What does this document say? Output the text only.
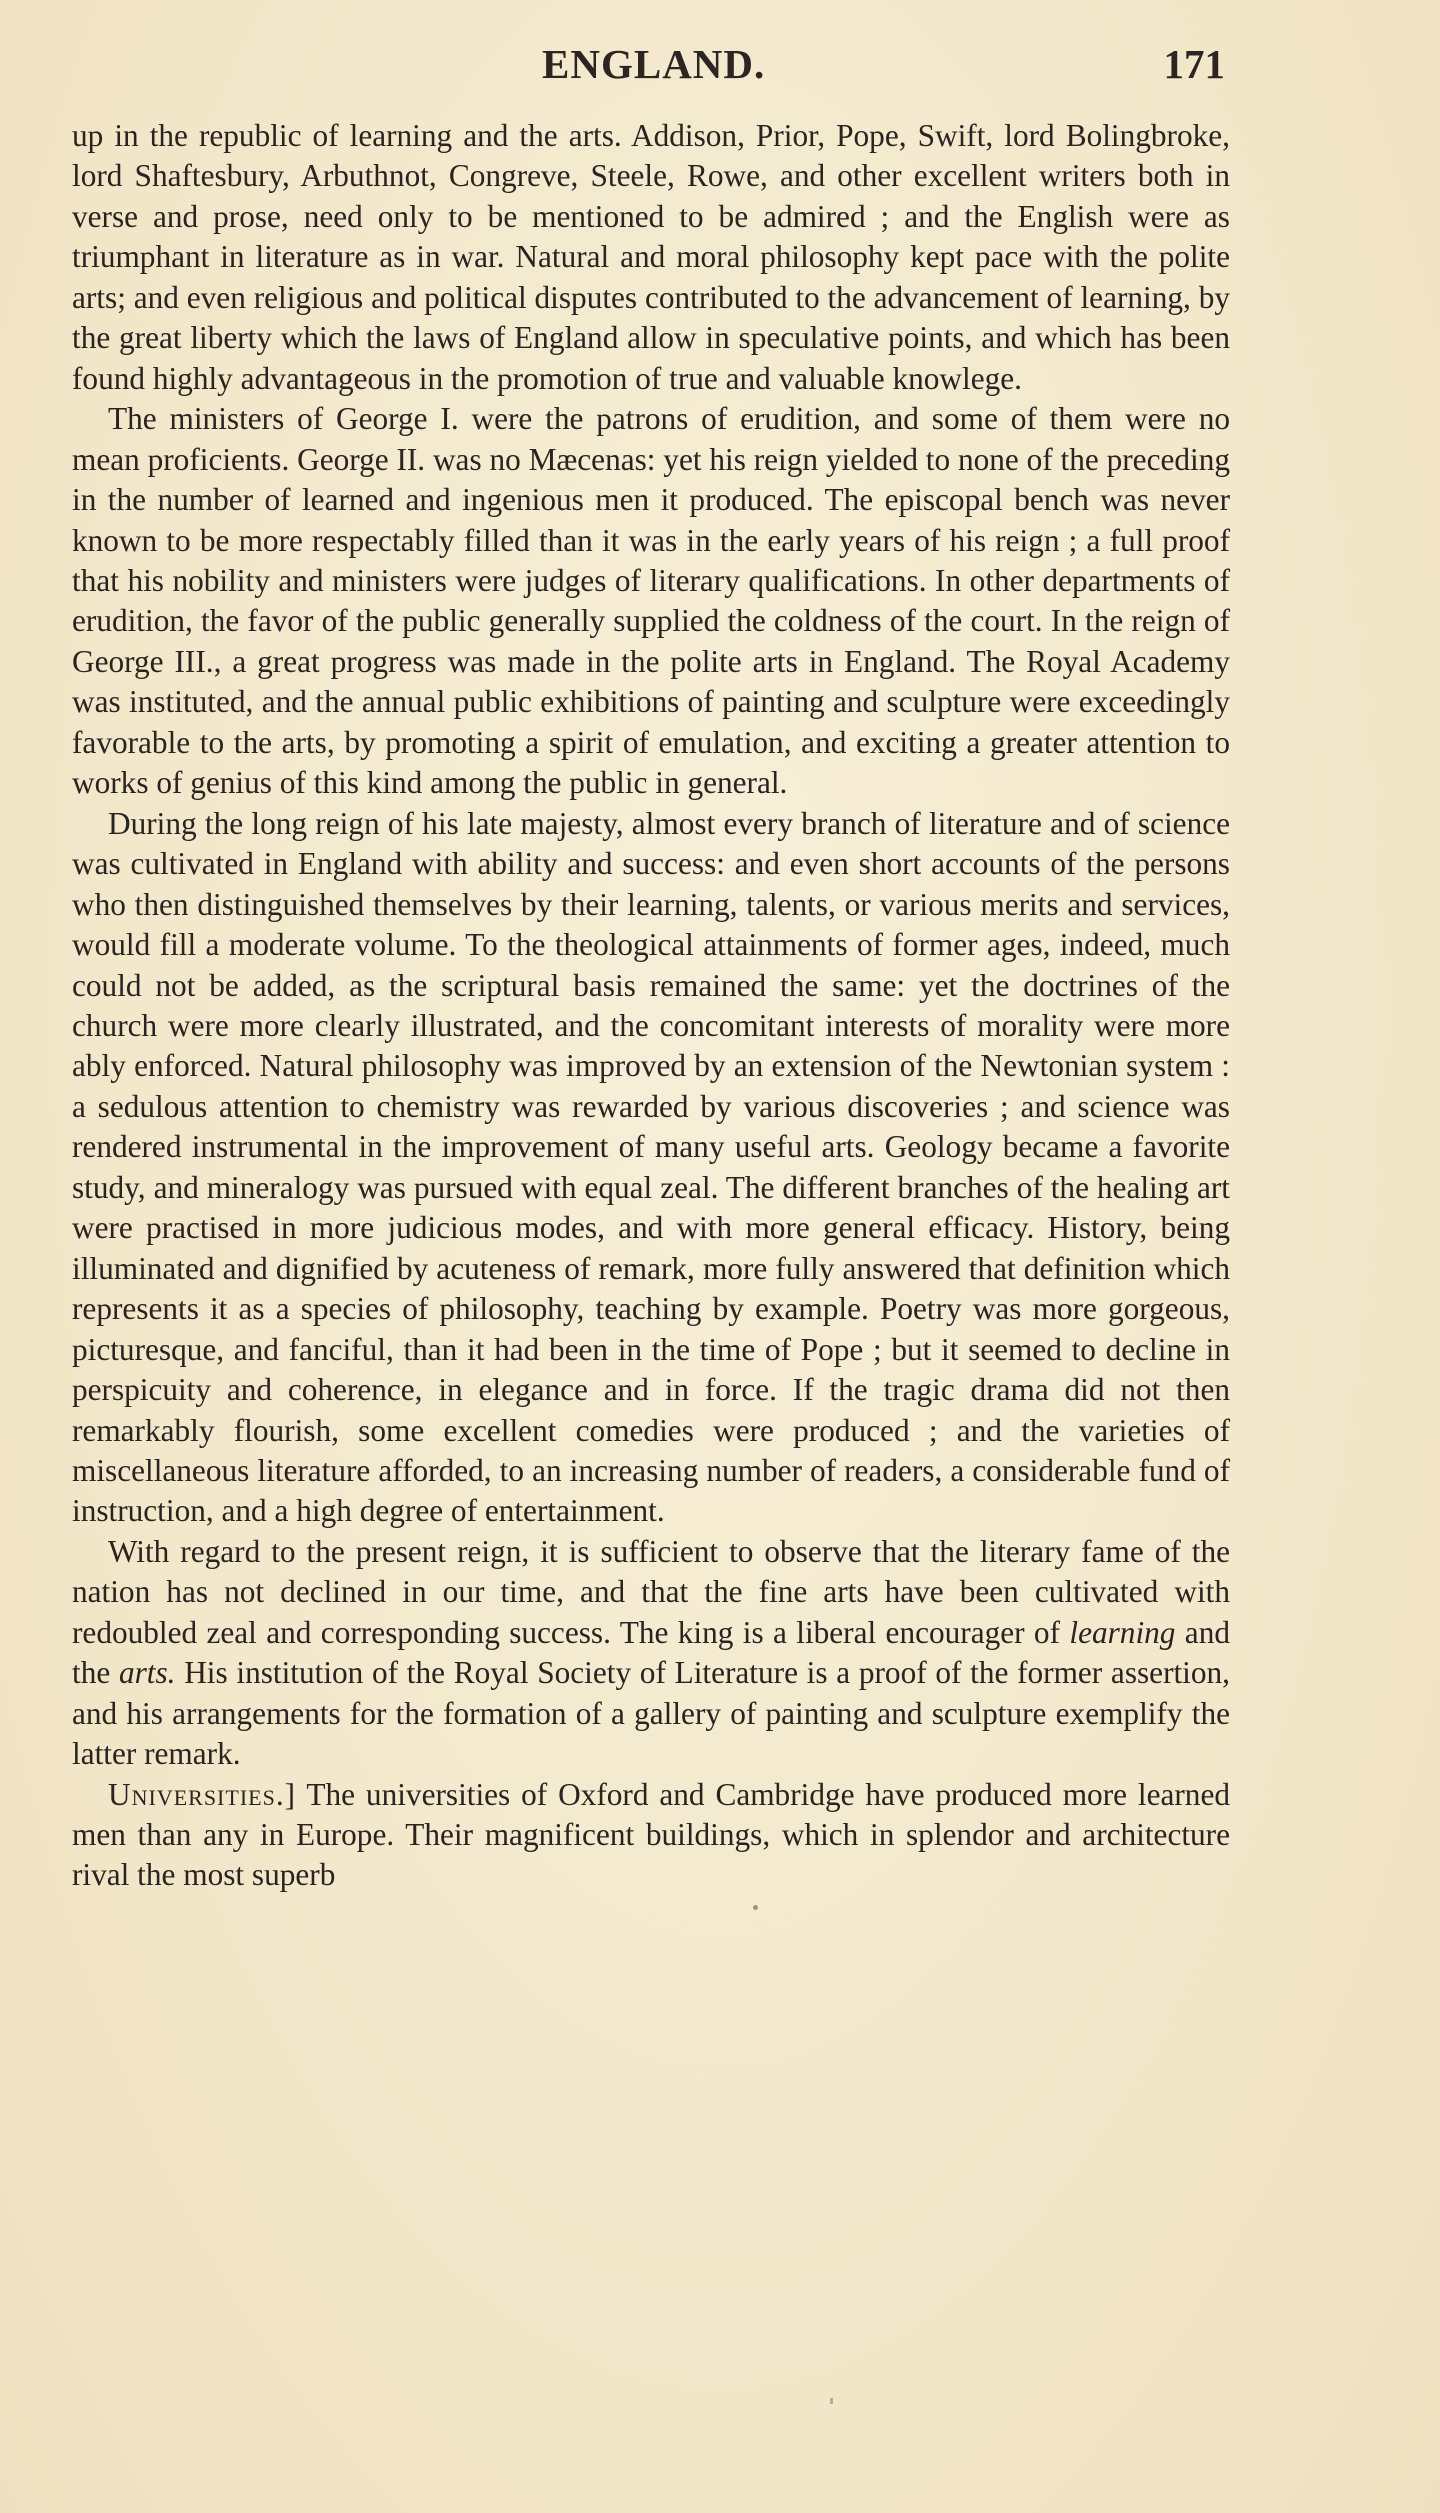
ENGLAND.	171

up in the republic of learning and the arts. Addison, Prior, Pope, Swift, lord Bolingbroke, lord Shaftesbury, Arbuthnot, Congreve, Steele, Rowe, and other excellent writers both in verse and prose, need only to be mentioned to be admired ; and the English were as triumphant in literature as in war. Natural and moral philosophy kept pace with the polite arts; and even religious and political disputes contributed to the advancement of learning, by the great liberty which the laws of England allow in speculative points, and which has been found highly advantageous in the promotion of true and valuable knowlege.

The ministers of George I. were the patrons of erudition, and some of them were no mean proficients. George II. was no Mæcenas: yet his reign yielded to none of the preceding in the number of learned and ingenious men it produced. The episcopal bench was never known to be more respectably filled than it was in the early years of his reign ; a full proof that his nobility and ministers were judges of literary qualifications. In other departments of erudition, the favor of the public generally supplied the coldness of the court. In the reign of George III., a great progress was made in the polite arts in England. The Royal Academy was instituted, and the annual public exhibitions of painting and sculpture were exceedingly favorable to the arts, by promoting a spirit of emulation, and exciting a greater attention to works of genius of this kind among the public in general.

During the long reign of his late majesty, almost every branch of literature and of science was cultivated in England with ability and success: and even short accounts of the persons who then distinguished themselves by their learning, talents, or various merits and services, would fill a moderate volume. To the theological attainments of former ages, indeed, much could not be added, as the scriptural basis remained the same: yet the doctrines of the church were more clearly illustrated, and the concomitant interests of morality were more ably enforced. Natural philosophy was improved by an extension of the Newtonian system : a sedulous attention to chemistry was rewarded by various discoveries ; and science was rendered instrumental in the improvement of many useful arts. Geology became a favorite study, and mineralogy was pursued with equal zeal. The different branches of the healing art were practised in more judicious modes, and with more general efficacy. History, being illuminated and dignified by acuteness of remark, more fully answered that definition which represents it as a species of philosophy, teaching by example. Poetry was more gorgeous, picturesque, and fanciful, than it had been in the time of Pope ; but it seemed to decline in perspicuity and coherence, in elegance and in force. If the tragic drama did not then remarkably flourish, some excellent comedies were produced ; and the varieties of miscellaneous literature afforded, to an increasing number of readers, a considerable fund of instruction, and a high degree of entertainment.

With regard to the present reign, it is sufficient to observe that the literary fame of the nation has not declined in our time, and that the fine arts have been cultivated with redoubled zeal and corresponding success. The king is a liberal encourager of learning and the arts. His institution of the Royal Society of Literature is a proof of the former assertion, and his arrangements for the formation of a gallery of painting and sculpture exemplify the latter remark.

Universities.] The universities of Oxford and Cambridge have produced more learned men than any in Europe. Their magnificent buildings, which in splendor and architecture rival the most superb
